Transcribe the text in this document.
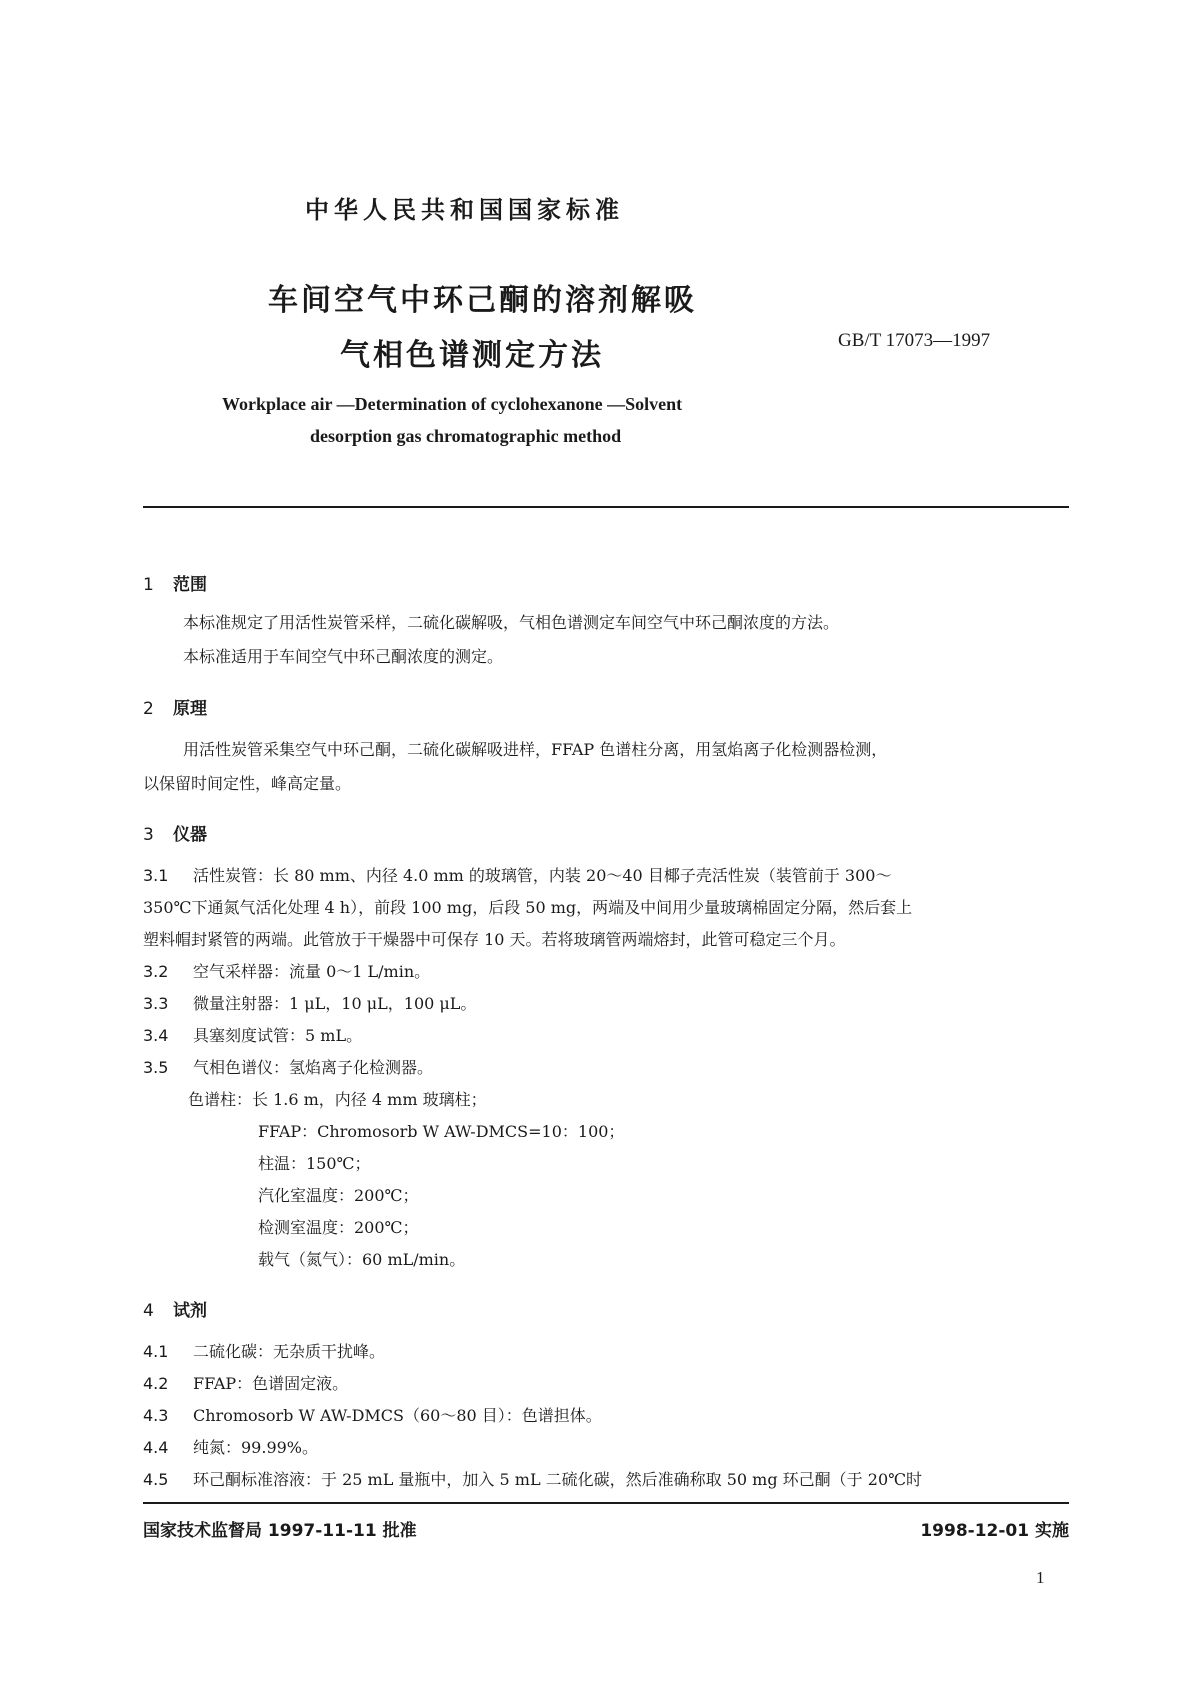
中华人民共和国国家标准
车间空气中环己酮的溶剂解吸
气相色谱测定方法	GB/T 17073—1997
Workplace air —Determination of cyclohexanone —Solvent
desorption gas chromatographic method
1 范围
本标准规定了用活性炭管采样，二硫化碳解吸，气相色谱测定车间空气中环己酮浓度的方法。
本标准适用于车间空气中环己酮浓度的测定。
2 原理
用活性炭管采集空气中环己酮，二硫化碳解吸进样，FFAP 色谱柱分离，用氢焰离子化检测器检测，
以保留时间定性，峰高定量。
3 仪器
3.1 活性炭管：长 80 mm、内径 4.0 mm 的玻璃管，内装 20～40 目椰子壳活性炭（装管前于 300～
350℃下通氮气活化处理 4 h），前段 100 mg，后段 50 mg，两端及中间用少量玻璃棉固定分隔，然后套上
塑料帽封紧管的两端。此管放于干燥器中可保存 10 天。若将玻璃管两端熔封，此管可稳定三个月。
3.2 空气采样器：流量 0～1 L/min。
3.3 微量注射器：1 μL，10 μL，100 μL。
3.4 具塞刻度试管：5 mL。
3.5 气相色谱仪：氢焰离子化检测器。
色谱柱：长 1.6 m，内径 4 mm 玻璃柱；
FFAP：Chromosorb W AW-DMCS=10：100；
柱温：150℃；
汽化室温度：200℃；
检测室温度：200℃；
载气（氮气）：60 mL/min。
4 试剂
4.1 二硫化碳：无杂质干扰峰。
4.2 FFAP：色谱固定液。
4.3 Chromosorb W AW-DMCS（60～80 目）：色谱担体。
4.4 纯氮：99.99%。
4.5 环己酮标准溶液：于 25 mL 量瓶中，加入 5 mL 二硫化碳，然后准确称取 50 mg 环己酮（于 20℃时
国家技术监督局 1997-11-11 批准	1998-12-01 实施
1
